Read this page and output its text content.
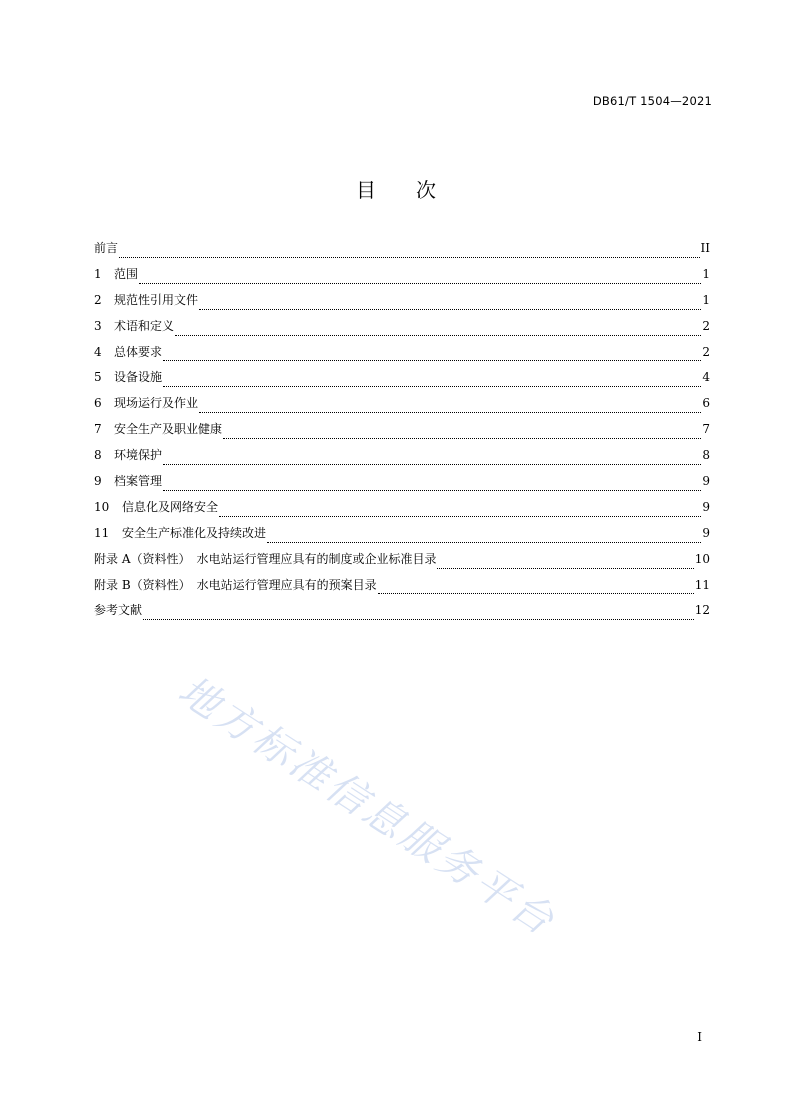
DB61/T 1504—2021
目 次
前言	II
1	范围	1
2	规范性引用文件	1
3	术语和定义	2
4	总体要求	2
5	设备设施	4
6	现场运行及作业	6
7	安全生产及职业健康	7
8	环境保护	8
9	档案管理	9
10	信息化及网络安全	9
11	安全生产标准化及持续改进	9
附录 A（资料性）　水电站运行管理应具有的制度或企业标准目录	10
附录 B（资料性）　水电站运行管理应具有的预案目录	11
参考文献	12
地方标准信息服务平台
I
